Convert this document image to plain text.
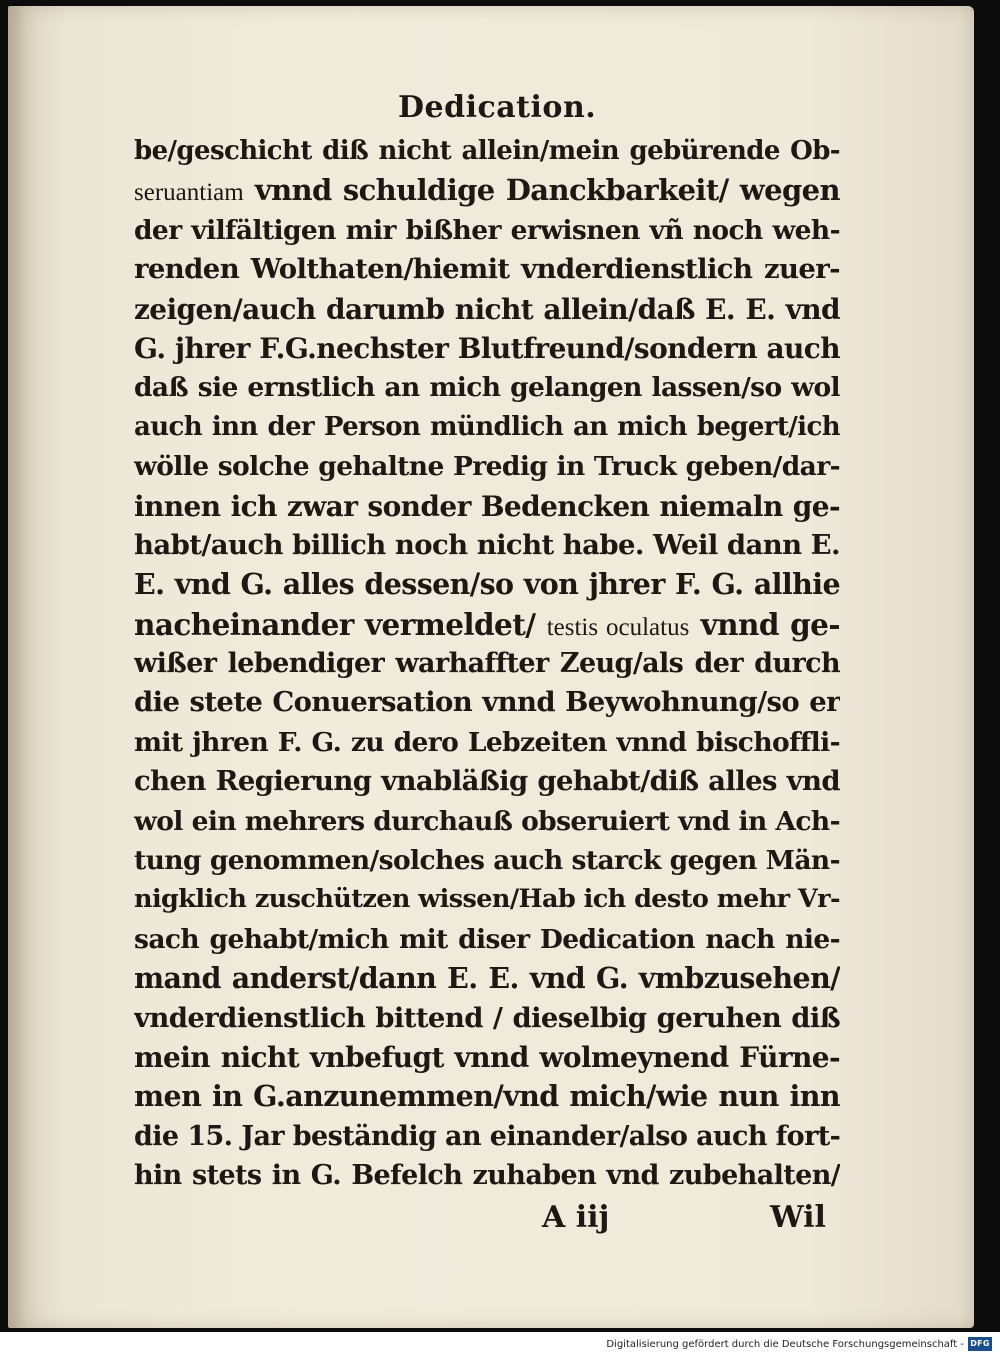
Dedication.
be/geschicht diß nicht allein/mein gebürende Ob-
seruantiam vnnd schuldige Danckbarkeit/ wegen
der vilfältigen mir bißher erwisnen vñ noch weh-
renden Wolthaten/hiemit vnderdienstlich zuer-
zeigen/auch darumb nicht allein/daß E. E. vnd
G. jhrer F.G.nechster Blutfreund/sondern auch
daß sie ernstlich an mich gelangen lassen/so wol
auch inn der Person mündlich an mich begert/ich
wölle solche gehaltne Predig in Truck geben/dar-
innen ich zwar sonder Bedencken niemaln ge-
habt/auch billich noch nicht habe. Weil dann E.
E. vnd G. alles dessen/so von jhrer F. G. allhie
nacheinander vermeldet/ testis oculatus vnnd ge-
wißer lebendiger warhaffter Zeug/als der durch
die stete Conuersation vnnd Beywohnung/so er
mit jhren F. G. zu dero Lebzeiten vnnd bischoffli-
chen Regierung vnabläßig gehabt/diß alles vnd
wol ein mehrers durchauß obseruiert vnd in Ach-
tung genommen/solches auch starck gegen Män-
nigklich zuschützen wissen/Hab ich desto mehr Vr-
sach gehabt/mich mit diser Dedication nach nie-
mand anderst/dann E. E. vnd G. vmbzusehen/
vnderdienstlich bittend / dieselbig geruhen diß
mein nicht vnbefugt vnnd wolmeynend Fürne-
men in G.anzunemmen/vnd mich/wie nun inn
die 15. Jar beständig an einander/also auch fort-
hin stets in G. Befelch zuhaben vnd zubehalten/
A iij	Wil
Digitalisierung gefördert durch die Deutsche Forschungsgemeinschaft - DFG
